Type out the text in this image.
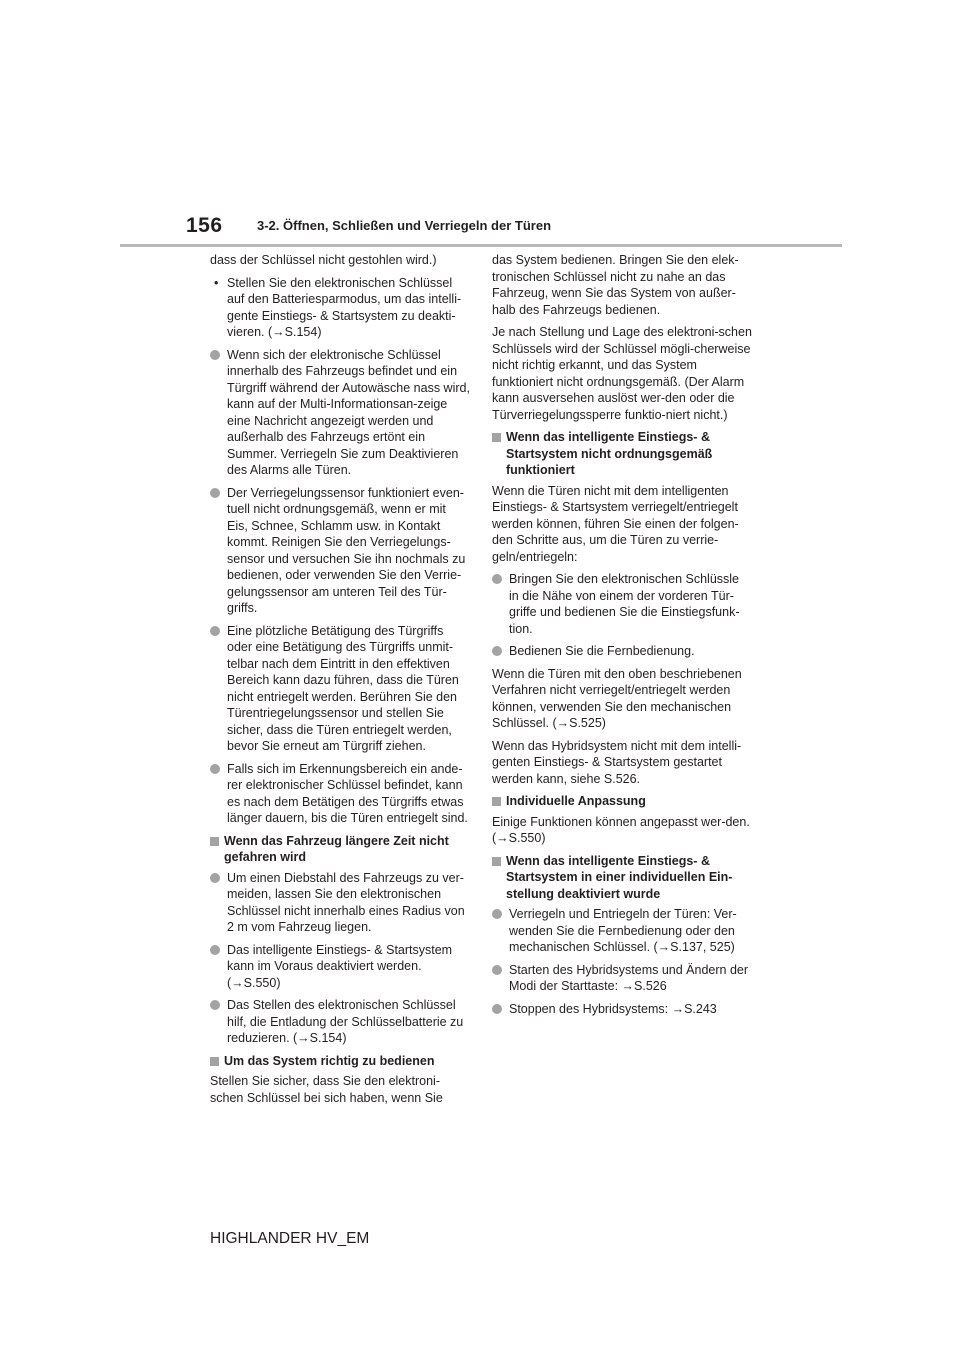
156	3-2. Öffnen, Schließen und Verriegeln der Türen
dass der Schlüssel nicht gestohlen wird.)
• Stellen Sie den elektronischen Schlüssel auf den Batteriesparmodus, um das intelli-gente Einstiegs- & Startsystem zu deakti-vieren. (→S.154)
Wenn sich der elektronische Schlüssel innerhalb des Fahrzeugs befindet und ein Türgriff während der Autowäsche nass wird, kann auf der Multi-Informationsan-zeige eine Nachricht angezeigt werden und außerhalb des Fahrzeugs ertönt ein Summer. Verriegeln Sie zum Deaktivieren des Alarms alle Türen.
Der Verriegelungssensor funktioniert even-tuell nicht ordnungsgemäß, wenn er mit Eis, Schnee, Schlamm usw. in Kontakt kommt. Reinigen Sie den Verriegelungs-sensor und versuchen Sie ihn nochmals zu bedienen, oder verwenden Sie den Verrie-gelungssensor am unteren Teil des Tür-griffs.
Eine plötzliche Betätigung des Türgriffs oder eine Betätigung des Türgriffs unmit-telbar nach dem Eintritt in den effektiven Bereich kann dazu führen, dass die Türen nicht entriegelt werden. Berühren Sie den Türentriegelungssensor und stellen Sie sicher, dass die Türen entriegelt werden, bevor Sie erneut am Türgriff ziehen.
Falls sich im Erkennungsbereich ein ande-rer elektronischer Schlüssel befindet, kann es nach dem Betätigen des Türgriffs etwas länger dauern, bis die Türen entriegelt sind.
Wenn das Fahrzeug längere Zeit nicht gefahren wird
Um einen Diebstahl des Fahrzeugs zu ver-meiden, lassen Sie den elektronischen Schlüssel nicht innerhalb eines Radius von 2 m vom Fahrzeug liegen.
Das intelligente Einstiegs- & Startsystem kann im Voraus deaktiviert werden. (→S.550)
Das Stellen des elektronischen Schlüssel hilf, die Entladung der Schlüsselbatterie zu reduzieren. (→S.154)
Um das System richtig zu bedienen
Stellen Sie sicher, dass Sie den elektroni-schen Schlüssel bei sich haben, wenn Sie
das System bedienen. Bringen Sie den elek-tronischen Schlüssel nicht zu nahe an das Fahrzeug, wenn Sie das System von außer-halb des Fahrzeugs bedienen.
Je nach Stellung und Lage des elektroni-schen Schlüssels wird der Schlüssel mögli-cherweise nicht richtig erkannt, und das System funktioniert nicht ordnungsgemäß. (Der Alarm kann ausversehen auslöst wer-den oder die Türverriegelungssperre funktio-niert nicht.)
Wenn das intelligente Einstiegs- & Startsystem nicht ordnungsgemäß funktioniert
Wenn die Türen nicht mit dem intelligenten Einstiegs- & Startsystem verriegelt/entriegelt werden können, führen Sie einen der folgen-den Schritte aus, um die Türen zu verrie-geln/entriegeln:
Bringen Sie den elektronischen Schlüssle in die Nähe von einem der vorderen Tür-griffe und bedienen Sie die Einstiegsfunk-tion.
Bedienen Sie die Fernbedienung.
Wenn die Türen mit den oben beschriebenen Verfahren nicht verriegelt/entriegelt werden können, verwenden Sie den mechanischen Schlüssel. (→S.525)
Wenn das Hybridsystem nicht mit dem intelli-genten Einstiegs- & Startsystem gestartet werden kann, siehe S.526.
Individuelle Anpassung
Einige Funktionen können angepasst wer-den. (→S.550)
Wenn das intelligente Einstiegs- & Startsystem in einer individuellen Ein-stellung deaktiviert wurde
Verriegeln und Entriegeln der Türen: Ver-wenden Sie die Fernbedienung oder den mechanischen Schlüssel. (→S.137, 525)
Starten des Hybridsystems und Ändern der Modi der Starttaste: →S.526
Stoppen des Hybridsystems: →S.243
HIGHLANDER HV_EM
